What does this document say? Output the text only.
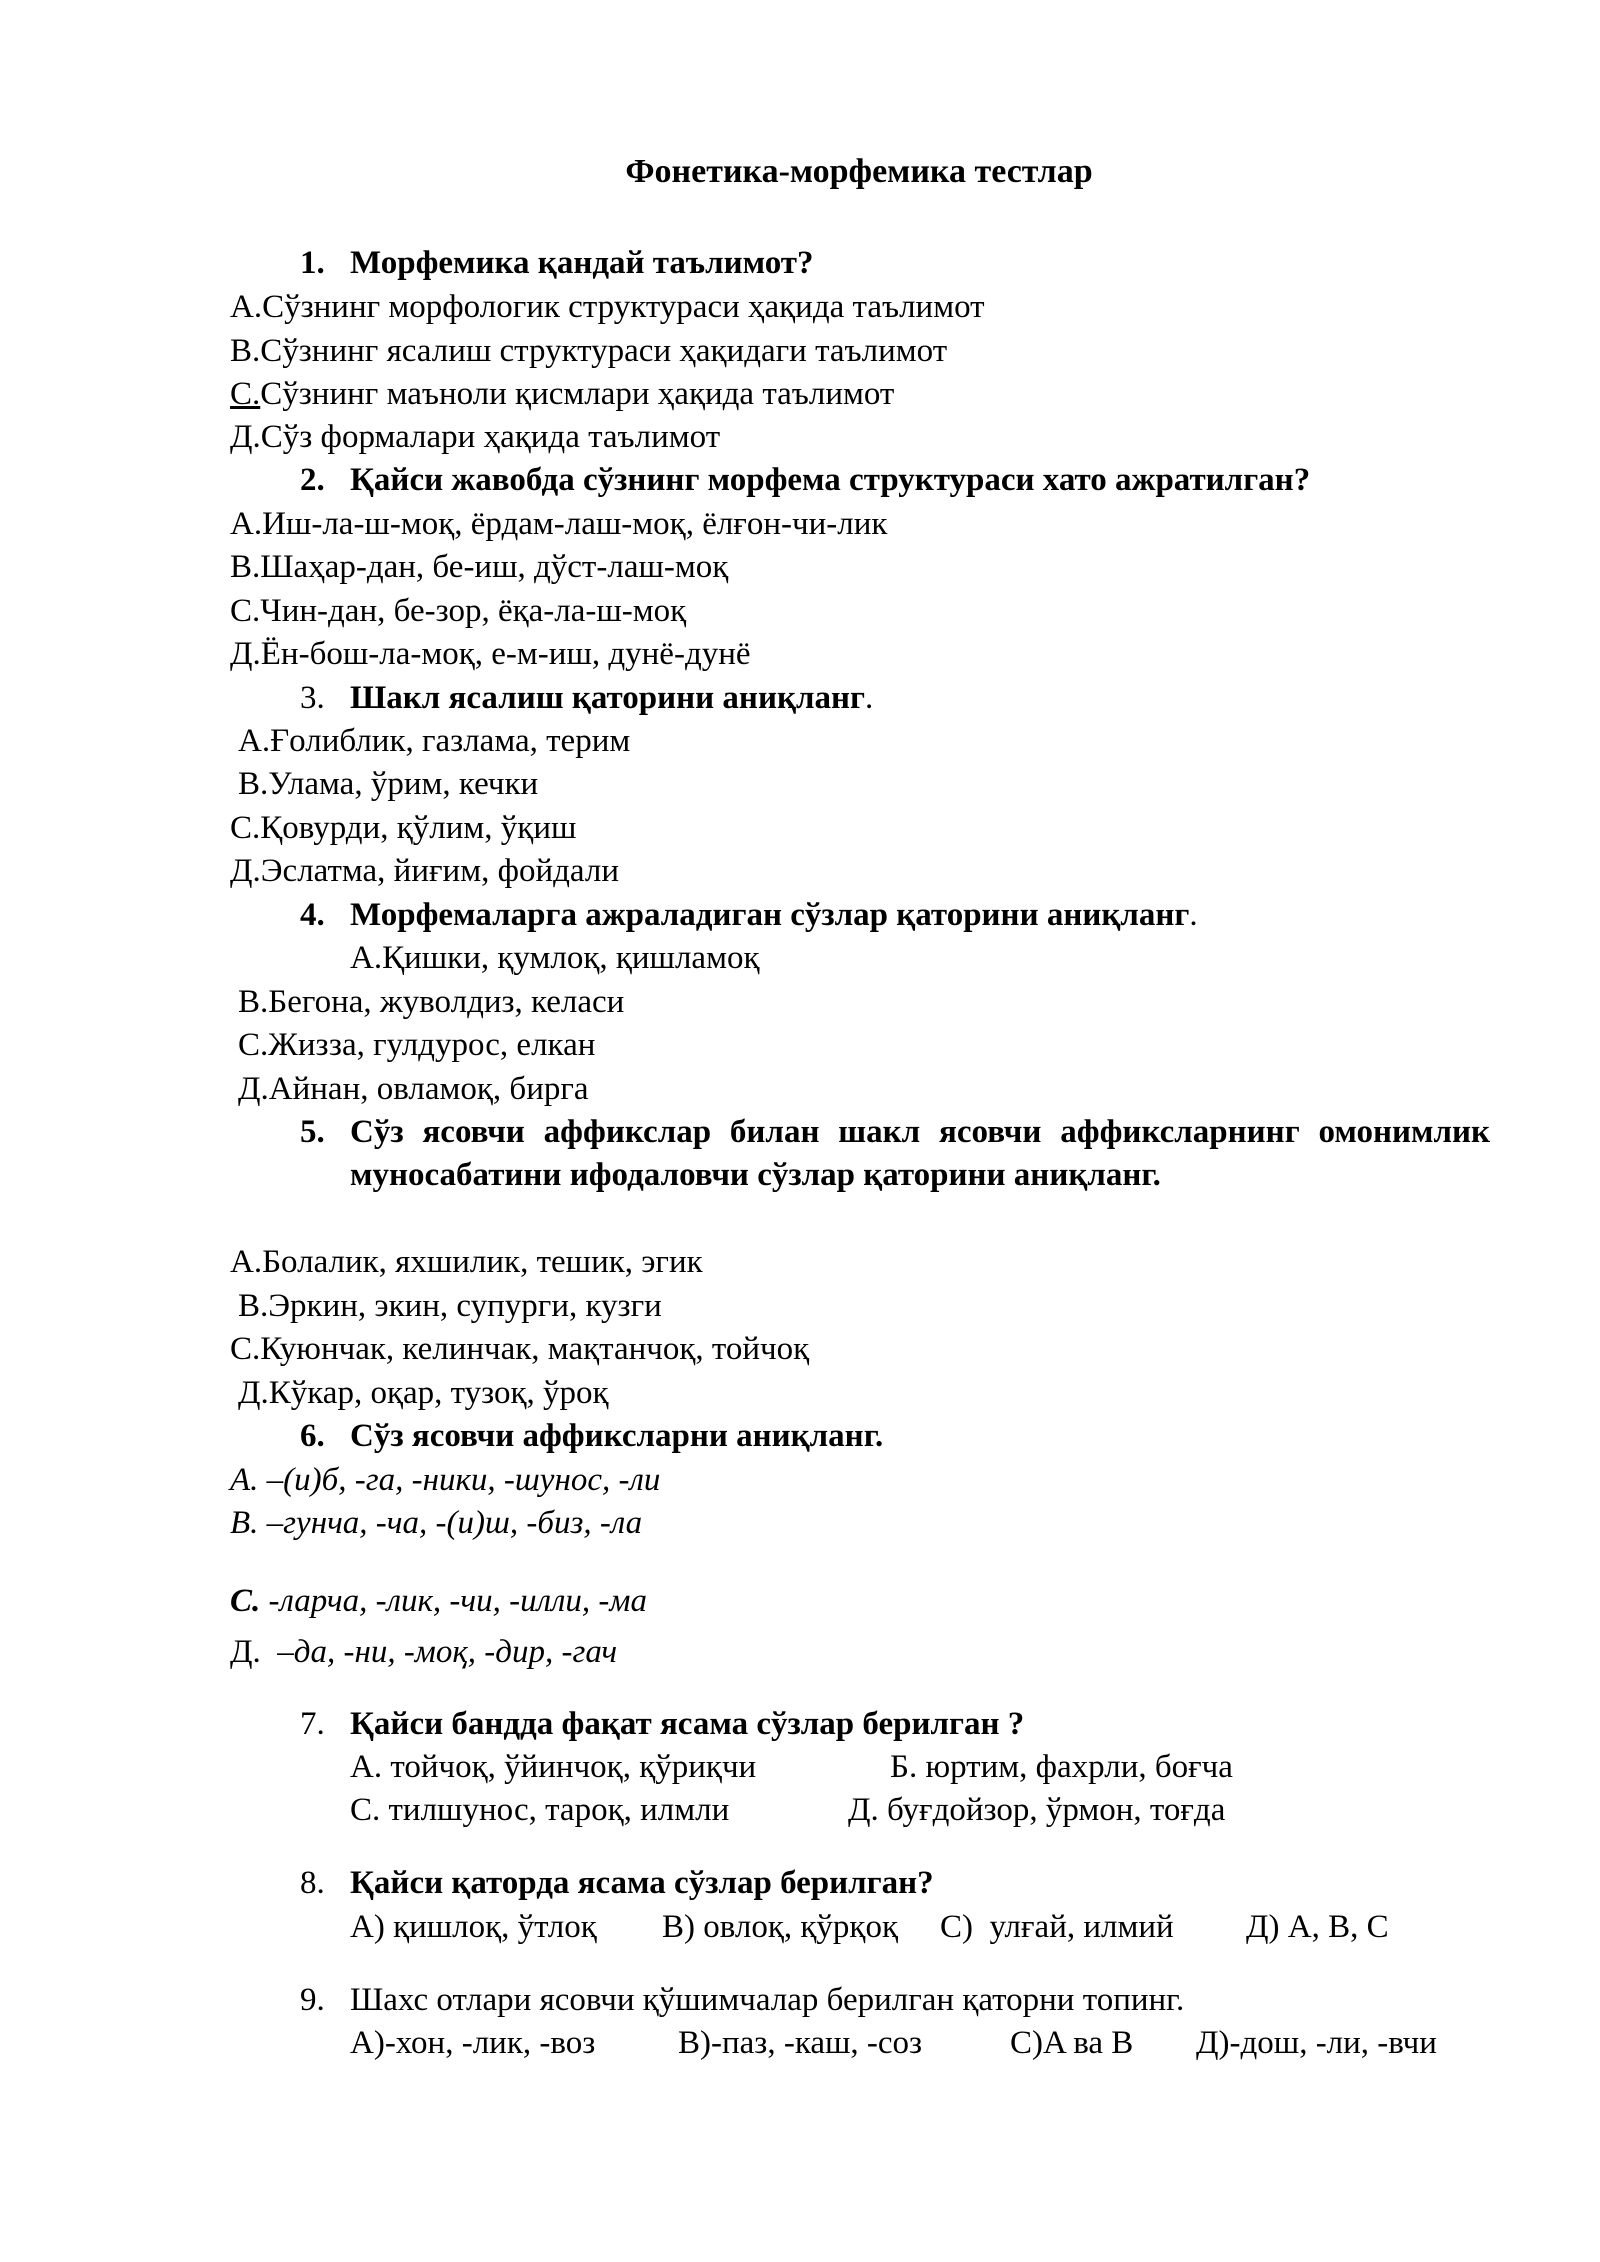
Фонетика-морфемика тестлар
1. Морфемика қандай таълимот?
A.Сўзнинг морфологик структураси ҳақида таълимот
B.Сўзнинг ясалиш структураси ҳақидаги таълимот
C.Сўзнинг маъноли қисмлари ҳақида таълимот
Д.Сўз формалари ҳақида таълимот
2. Қайси жавобда сўзнинг морфема структураси хато ажратилган?
A.Иш-ла-ш-моқ, ёрдам-лаш-моқ, ёлғон-чи-лик
B.Шаҳар-дан, бе-иш, дўст-лаш-моқ
C.Чин-дан, бе-зор, ёқа-ла-ш-моқ
Д.Ён-бош-ла-моқ, е-м-иш, дунё-дунё
3. Шакл ясалиш қаторини аниқланг.
A.Ғолиблик, газлама, терим
B.Улама, ўрим, кечки
C.Қовурди, қўлим, ўқиш
Д.Эслатма, йиғим, фойдали
4. Морфемаларга ажраладиган сўзлар қаторини аниқланг.
A.Қишки, қумлоқ, қишламоқ
B.Бегона, жуволдиз, келаси
C.Жизза, гулдурос, елкан
Д.Айнан, овламоқ, бирга
5. Сўз ясовчи аффикслар билан шакл ясовчи аффиксларнинг омонимлик муносабатини ифодаловчи сўзлар қаторини аниқланг.
A.Болалик, яхшилик, тешик, эгик
B.Эркин, экин, супурги, кузги
C.Куюнчак, келинчак, мақтанчоқ, тойчоқ
Д.Кўкар, оқар, тузоқ, ўроқ
6. Сўз ясовчи аффиксларни аниқланг.
A. –(и)б, -га, -ники, -шунос, -ли
B. –гунча, -ча, -(и)ш, -биз, -ла
C. -ларча, -лик, -чи, -илли, -ма
Д.  –да, -ни, -моқ, -дир, -гач
7. Қайси бандда фақат ясама сўзлар берилган ?
A. тойчоқ, ўйинчоқ, қўриқчи	Б. юртим, фахрли, боғча
C. тилшунос, тароқ, илмли	Д. буғдойзор, ўрмон, тоғда
8. Қайси қаторда ясама сўзлар берилган?
A) қишлоқ, ўтлоқ B) овлоқ, қўрқоқ C)  улғай, илмий Д) A, B, C
9. Шахс отлари ясовчи қўшимчалар берилган қаторни топинг.
A)-хон, -лик, -воз	B)-паз, -каш, -соз	C)A ва B Д)-дош, -ли, -вчи
